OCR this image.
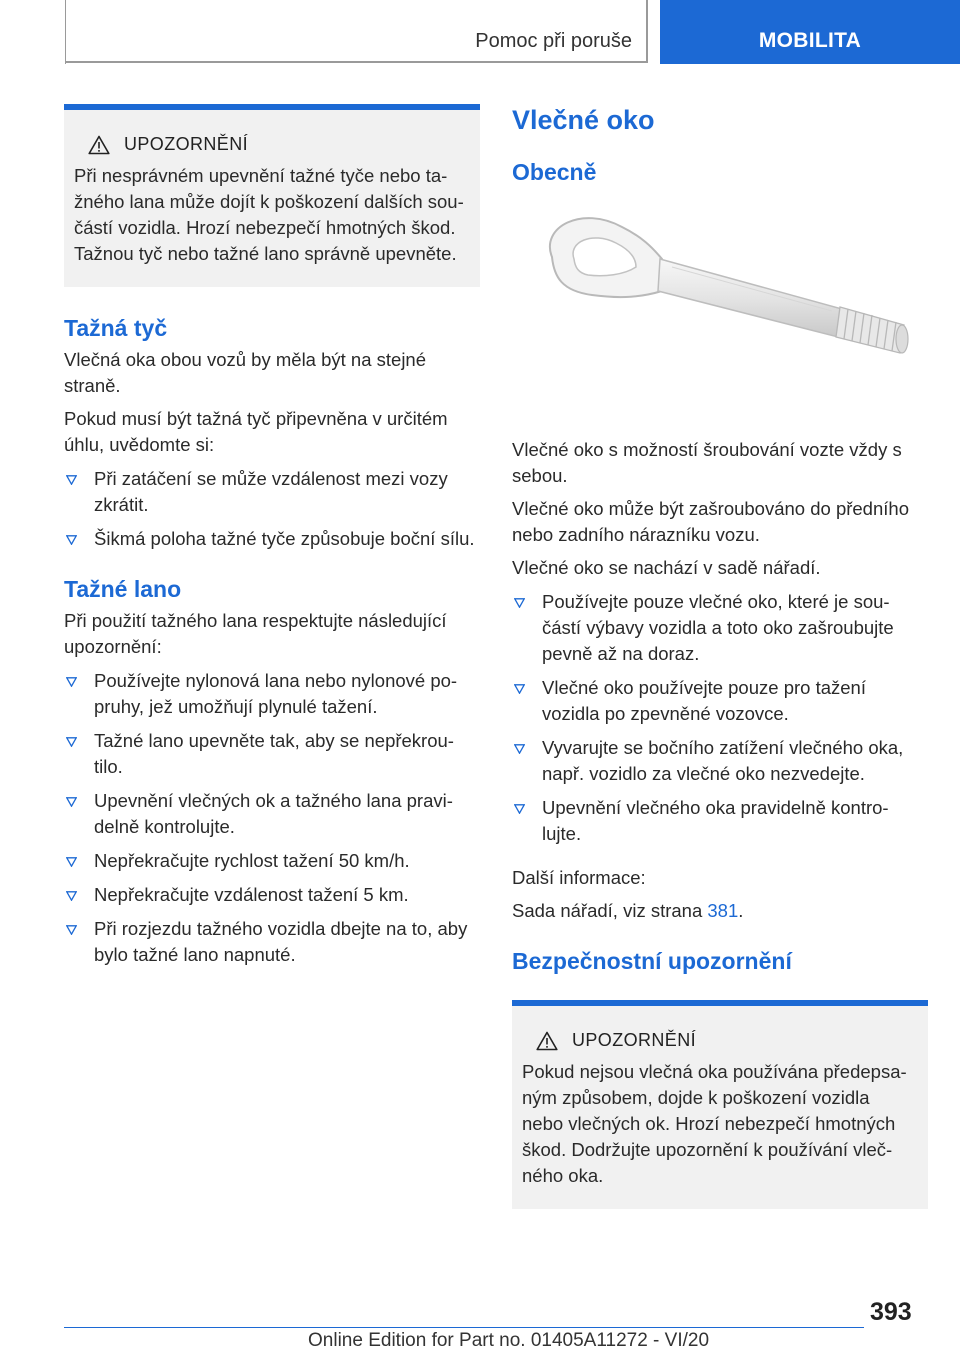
Pomoc při poruše	MOBILITA
UPOZORNĚNÍ
Při nesprávném upevnění tažné tyče nebo ta‐
žného lana může dojít k poškození dalších sou‐
částí vozidla. Hrozí nebezpečí hmotných škod.
Tažnou tyč nebo tažné lano správně upevněte.
Tažná tyč

Vlečná oka obou vozů by měla být na stejné straně.

Pokud musí být tažná tyč připevněna v určitém úhlu, uvědomte si:

Při zatáčení se může vzdálenost mezi vozy zkrátit.
Šikmá poloha tažné tyče způsobuje boční sílu.
Tažné lano

Při použití tažného lana respektujte následující upozornění:

Používejte nylonová lana nebo nylonové po‐ pruhy, jež umožňují plynulé tažení.
Tažné lano upevněte tak, aby se nepřekrou‐ tilo.
Upevnění vlečných ok a tažného lana pravi‐ delně kontrolujte.
Nepřekračujte rychlost tažení 50 km/h.
Nepřekračujte vzdálenost tažení 5 km.
Při rozjezdu tažného vozidla dbejte na to, aby bylo tažné lano napnuté.
Vlečné oko
Obecně

Vlečné oko s možností šroubování vozte vždy s sebou.

Vlečné oko může být zašroubováno do předního nebo zadního nárazníku vozu.

Vlečné oko se nachází v sadě nářadí.

Používejte pouze vlečné oko, které je sou‐ částí výbavy vozidla a toto oko zašroubujte pevně až na doraz.
Vlečné oko používejte pouze pro tažení vozidla po zpevněné vozovce.
Vyvarujte se bočního zatížení vlečného oka, např. vozidlo za vlečné oko nezvedejte.
Upevnění vlečného oka pravidelně kontro‐ lujte.

Další informace:

Sada nářadí, viz strana 381.

Bezpečnostní upozornění
UPOZORNĚNÍ
Pokud nejsou vlečná oka používána předepsa‐
ným způsobem, dojde k poškození vozidla
nebo vlečných ok. Hrozí nebezpečí hmotných
škod. Dodržujte upozornění k používání vleč‐
ného oka.
393
Online Edition for Part no. 01405A11272 - VI/20
